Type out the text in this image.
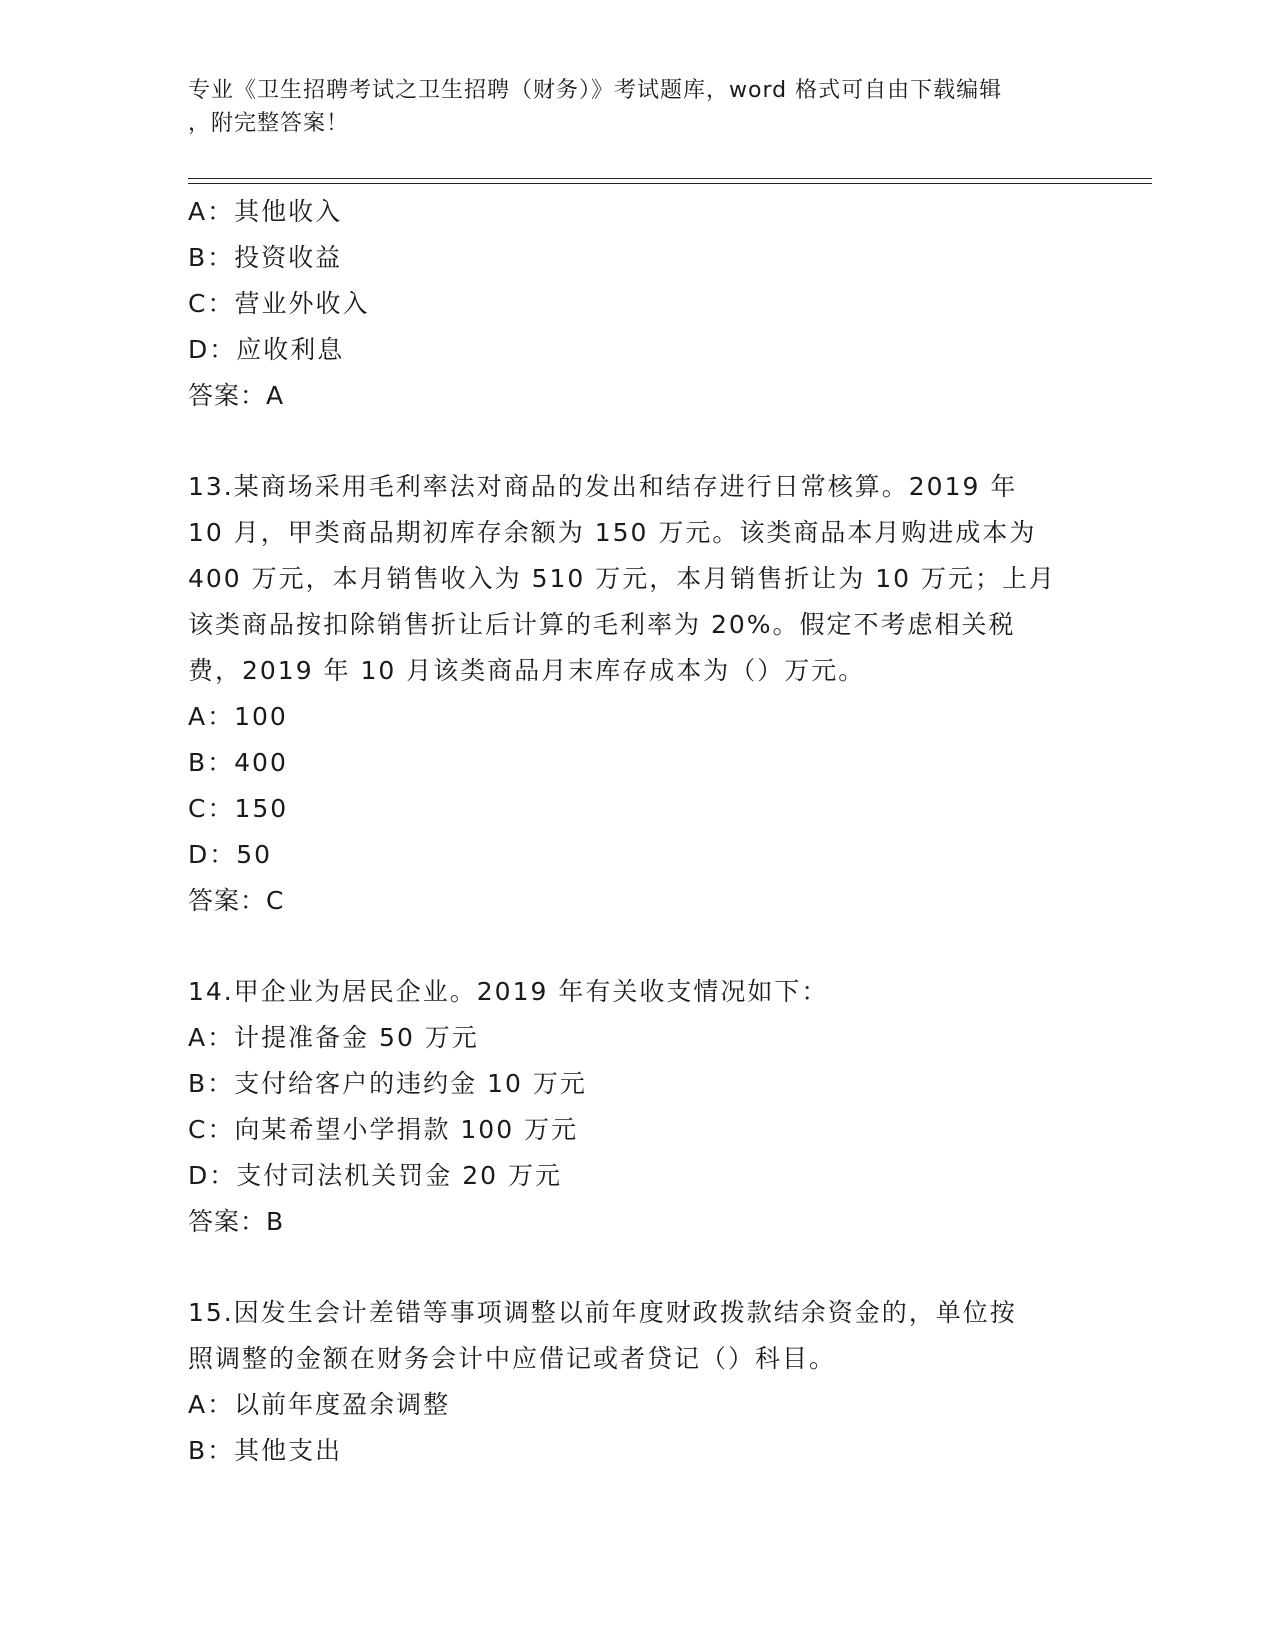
专业《卫生招聘考试之卫生招聘（财务）》考试题库，word 格式可自由下载编辑
，附完整答案！
A：其他收入
B：投资收益
C：营业外收入
D：应收利息
答案：A
13.某商场采用毛利率法对商品的发出和结存进行日常核算。2019 年
10 月，甲类商品期初库存余额为 150 万元。该类商品本月购进成本为
400 万元，本月销售收入为 510 万元，本月销售折让为 10 万元；上月
该类商品按扣除销售折让后计算的毛利率为 20%。假定不考虑相关税
费，2019 年 10 月该类商品月末库存成本为（）万元。
A：100
B：400
C：150
D：50
答案：C
14.甲企业为居民企业。2019 年有关收支情况如下：
A：计提准备金 50 万元
B：支付给客户的违约金 10 万元
C：向某希望小学捐款 100 万元
D：支付司法机关罚金 20 万元
答案：B
15.因发生会计差错等事项调整以前年度财政拨款结余资金的，单位按
照调整的金额在财务会计中应借记或者贷记（）科目。
A：以前年度盈余调整
B：其他支出
